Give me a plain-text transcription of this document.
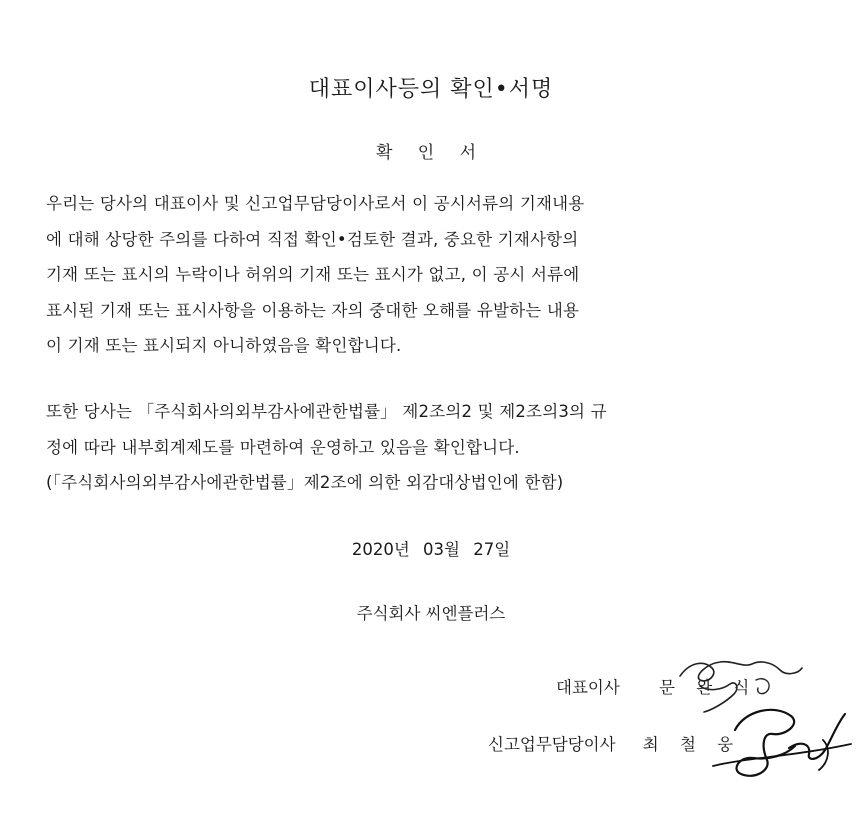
대표이사등의 확인•서명
확 인 서
우리는 당사의 대표이사 및 신고업무담당이사로서 이 공시서류의 기재내용
에 대해 상당한 주의를 다하여 직접 확인•검토한 결과, 중요한 기재사항의
기재 또는 표시의 누락이나 허위의 기재 또는 표시가 없고, 이 공시 서류에
표시된 기재 또는 표시사항을 이용하는 자의 중대한 오해를 유발하는 내용
이 기재 또는 표시되지 아니하였음을 확인합니다.
또한 당사는 「주식회사의외부감사에관한법률」 제2조의2 및 제2조의3의 규
정에 따라 내부회계제도를 마련하여 운영하고 있음을 확인합니다.
(「주식회사의외부감사에관한법률」제2조에 의한 외감대상법인에 한함)
2020년 03월 27일
주식회사 씨엔플러스
대표이사 문 완 식
신고업무담당이사 최 철 웅
